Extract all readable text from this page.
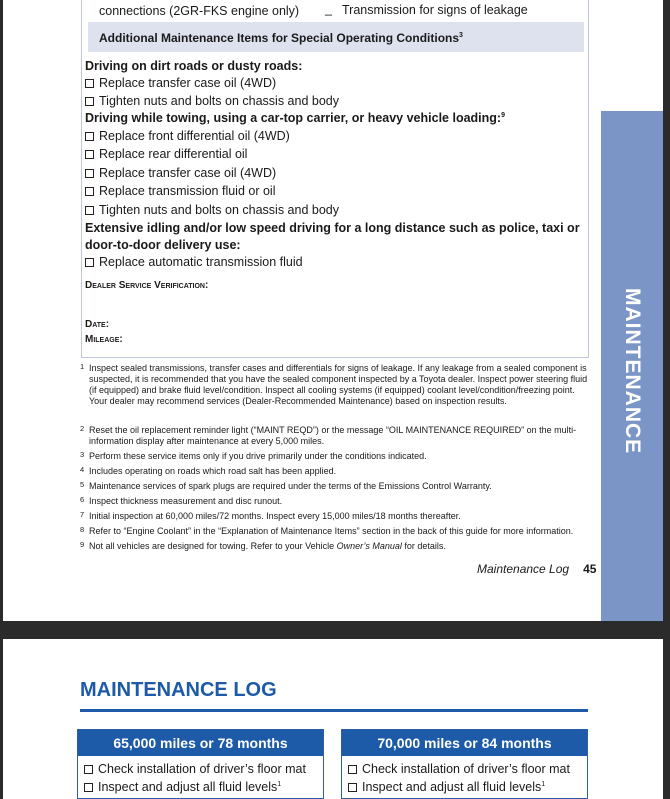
connections (2GR-FKS engine only) _ Transmission for signs of leakage
Additional Maintenance Items for Special Operating Conditions$^3$
Driving on dirt roads or dusty roads:
Replace transfer case oil (4WD)
Tighten nuts and bolts on chassis and body
Driving while towing, using a car-top carrier, or heavy vehicle loading:$^9$
Replace front differential oil (4WD)
Replace rear differential oil
Replace transfer case oil (4WD)
Replace transmission fluid or oil
Tighten nuts and bolts on chassis and body
Extensive idling and/or low speed driving for a long distance such as police, taxi or
door-to-door delivery use:
Replace automatic transmission fluid
Dealer Service Verification:
Date:
Mileage:
1 Inspect sealed transmissions, transfer cases and differentials for signs of leakage. If any leakage from a sealed component is suspected, it is recommended that you have the sealed component inspected by a Toyota dealer. Inspect power steering fluid (if equipped) and brake fluid level/condition. Inspect all cooling systems (if equipped) coolant level/condition/freezing point. Your dealer may recommend services (Dealer-Recommended Maintenance) based on inspection results.
2 Reset the oil replacement reminder light (“MAINT REQD”) or the message “OIL MAINTENANCE REQUIRED” on the multi-information display after maintenance at every 5,000 miles.
3 Perform these service items only if you drive primarily under the conditions indicated.
4 Includes operating on roads which road salt has been applied.
5 Maintenance services of spark plugs are required under the terms of the Emissions Control Warranty.
6 Inspect thickness measurement and disc runout.
7 Initial inspection at 60,000 miles/72 months. Inspect every 15,000 miles/18 months thereafter.
8 Refer to “Engine Coolant” in the “Explanation of Maintenance Items” section in the back of this guide for more information.
9 Not all vehicles are designed for towing. Refer to your Vehicle Owner’s Manual for details.
Maintenance Log 45
MAINTENANCE
MAINTENANCE LOG
65,000 miles or 78 months
Check installation of driver’s floor mat
Inspect and adjust all fluid levels$^1$
70,000 miles or 84 months
Check installation of driver’s floor mat
Inspect and adjust all fluid levels$^1$
